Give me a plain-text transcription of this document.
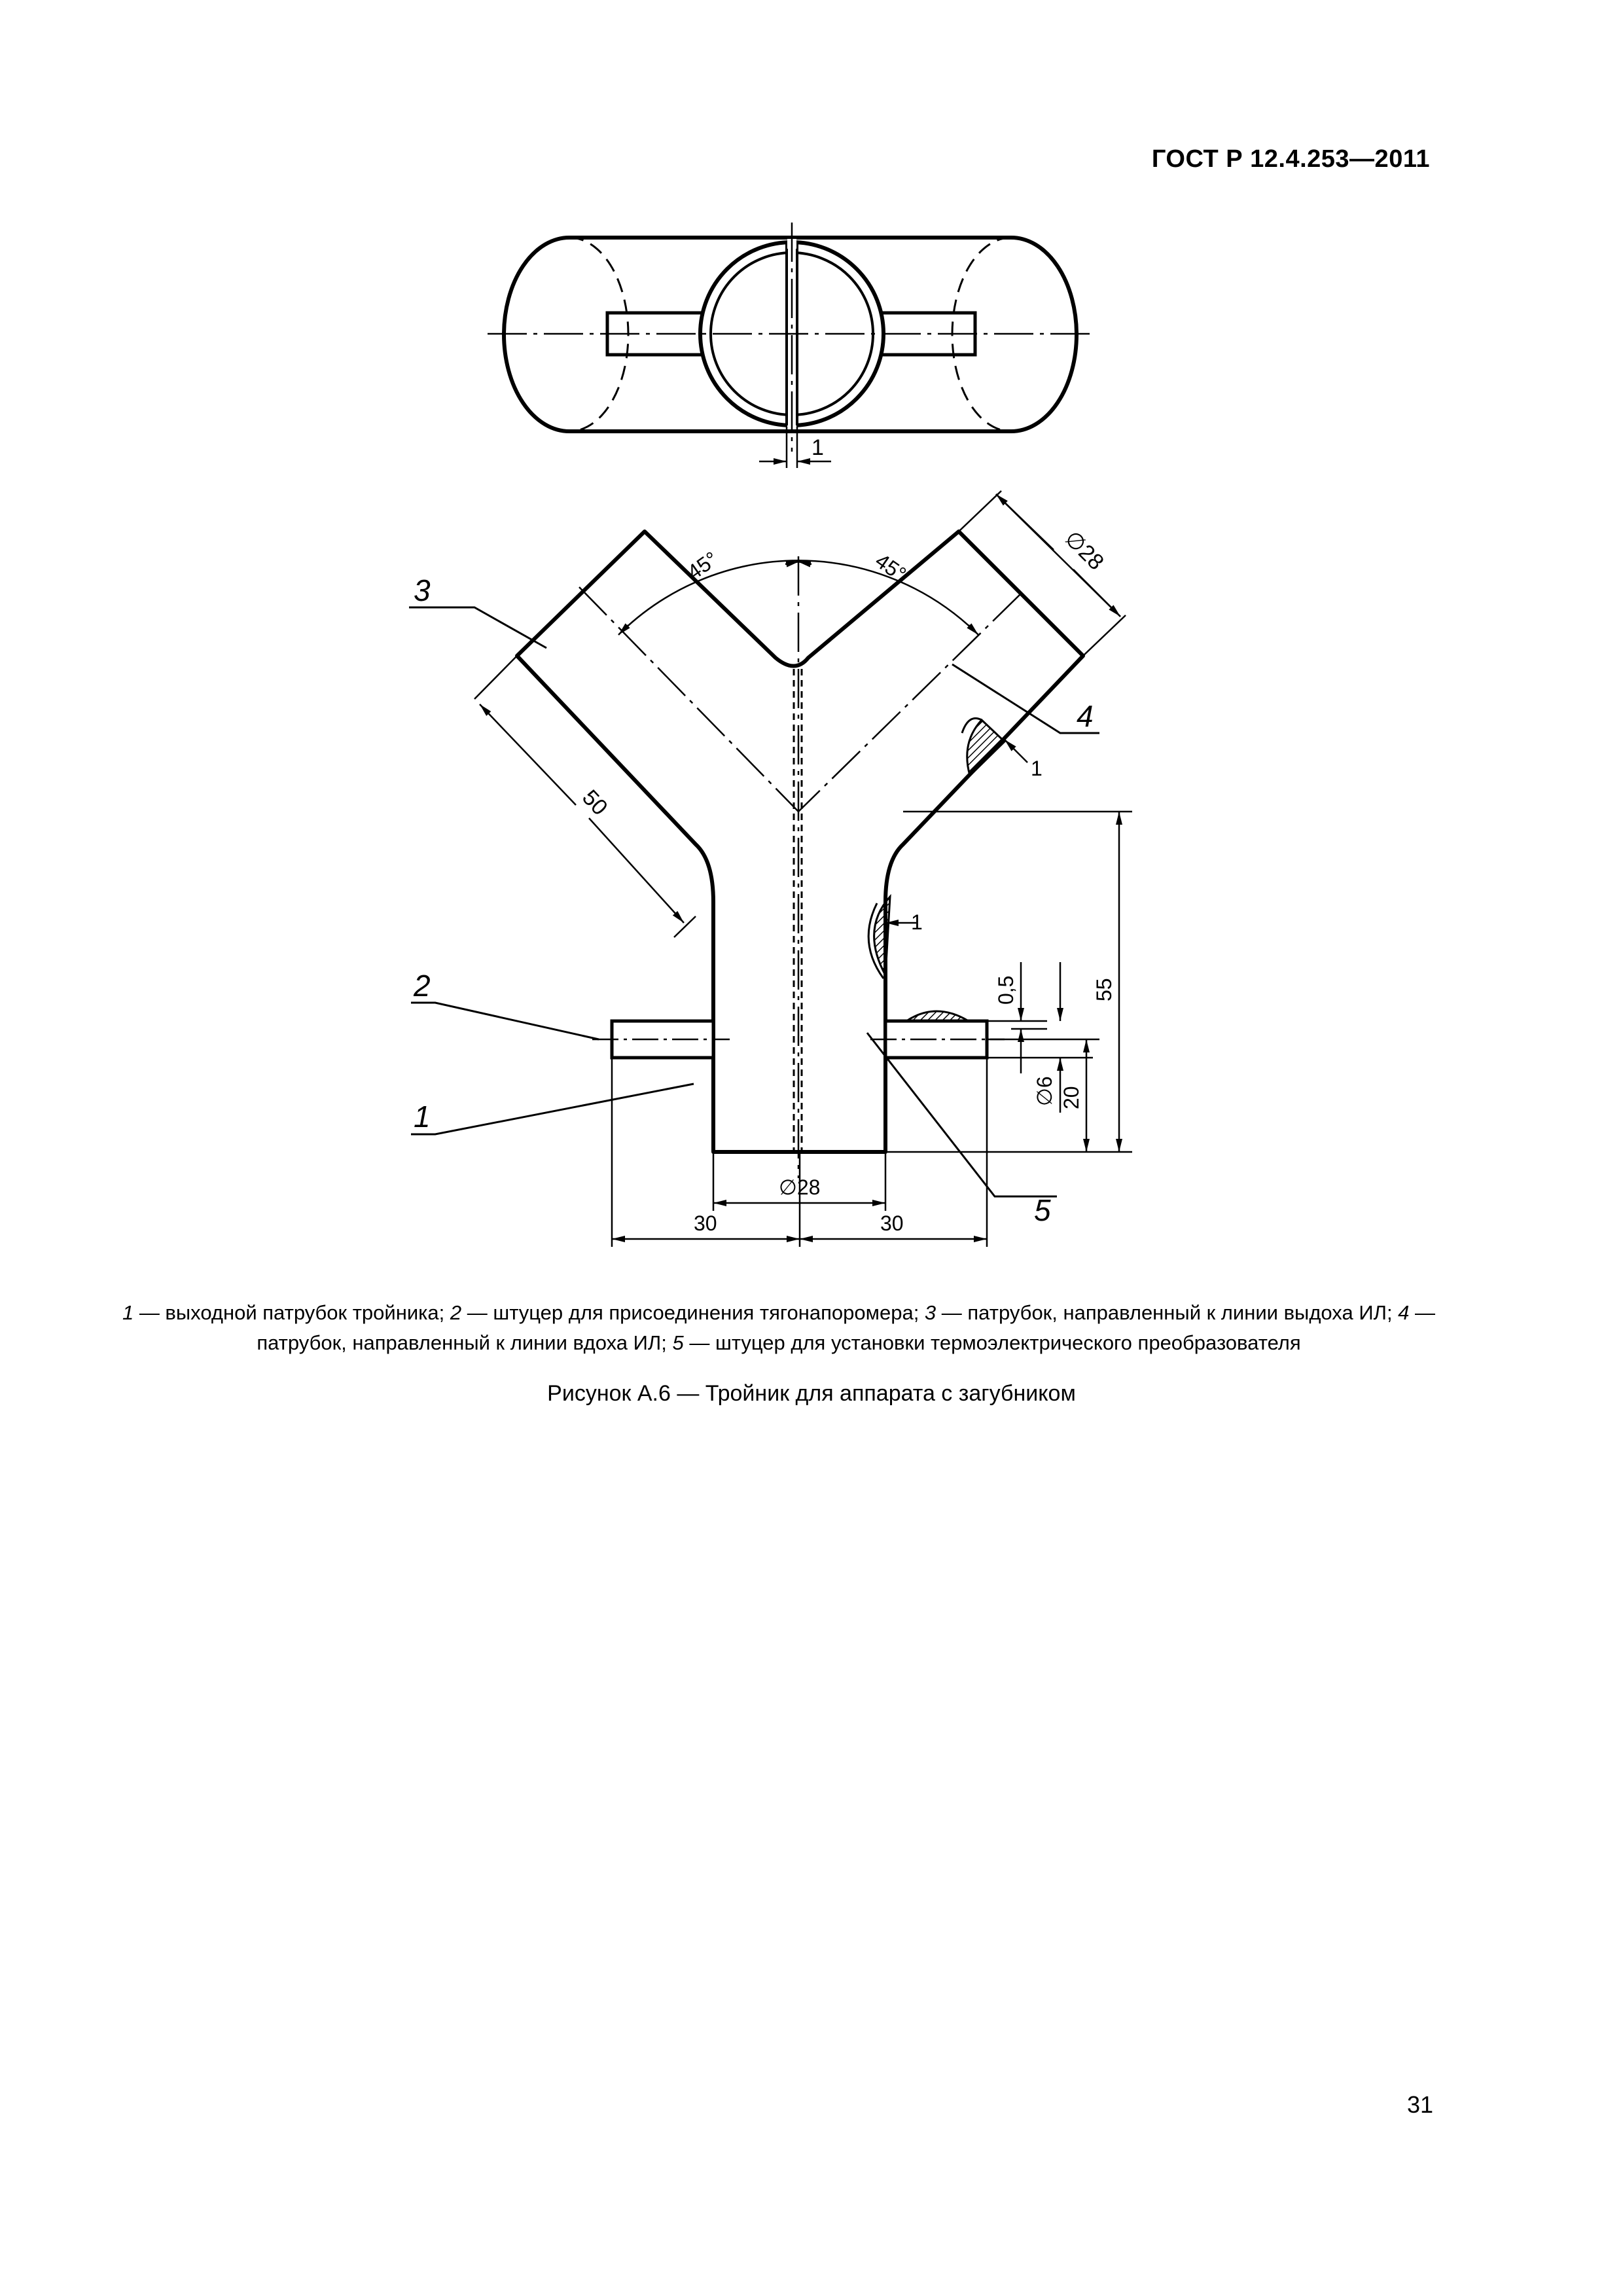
ГОСТ Р 12.4.253—2011
1
45°	45°	∅28
50
1
1
0,5
∅6 20
55
∅28
30	30
3
4
2
1
5
1 — выходной патрубок тройника; 2 — штуцер для присоединения тягонапоромера; 3 — патрубок, направленный к линии выдоха ИЛ; 4 — патрубок, направленный к линии вдоха ИЛ; 5 — штуцер для установки термоэлектрического преобразователя
Рисунок А.6 — Тройник для аппарата с загубником
31
